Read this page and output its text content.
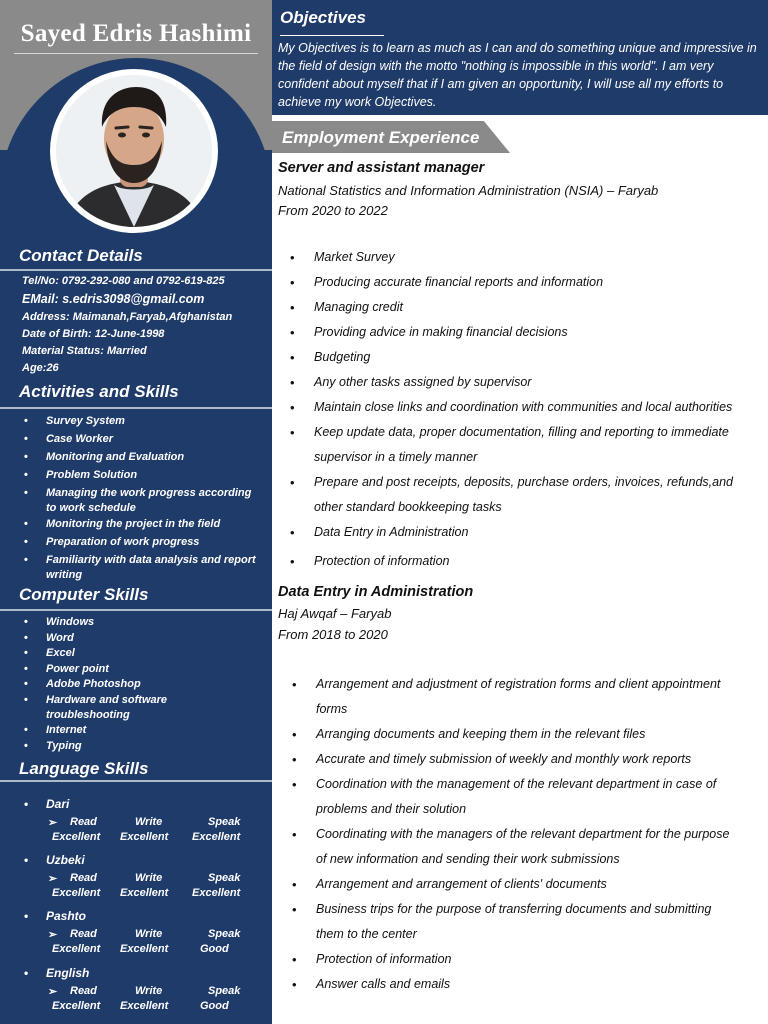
Sayed Edris Hashimi
Contact Details
Tel/No: 0792-292-080 and 0792-619-825
EMail: s.edris3098@gmail.com
Address: Maimanah,Faryab,Afghanistan
Date of Birth: 12-June-1998
Material Status: Married
Age:26
Activities and Skills
• Survey System
• Case Worker
• Monitoring and Evaluation
• Problem Solution
• Managing the work progress according to work schedule
• Monitoring the project in the field
• Preparation of work progress
• Familiarity with data analysis and report writing
Computer Skills
• Windows
• Word
• Excel
• Power point
• Adobe Photoshop
• Hardware and software troubleshooting
• Internet
• Typing
Language Skills
• Dari
➢ Read	Write	Speak
Excellent Excellent Excellent
• Uzbeki
➢ Read	Write	Speak
Excellent Excellent Excellent
• Pashto
➢ Read	Write	Speak
Excellent Excellent	Good
• English
➢ Read	Write	Speak
Excellent Excellent	Good
Objectives
My Objectives is to learn as much as I can and do something unique and impressive in the field of design with the motto "nothing is impossible in this world". I am very confident about myself that if I am given an opportunity, I will use all my efforts to achieve my work Objectives.
Employment Experience
Server and assistant manager
National Statistics and Information Administration (NSIA) – Faryab
From 2020 to 2022
• Market Survey
• Producing accurate financial reports and information
• Managing credit
• Providing advice in making financial decisions
• Budgeting
• Any other tasks assigned by supervisor
• Maintain close links and coordination with communities and local authorities
• Keep update data, proper documentation, filling and reporting to immediate supervisor in a timely manner
• Prepare and post receipts, deposits, purchase orders, invoices, refunds,and other standard bookkeeping tasks
• Data Entry in Administration
• Protection of information
Data Entry in Administration
Haj Awqaf – Faryab
From 2018 to 2020
• Arrangement and adjustment of registration forms and client appointment forms
• Arranging documents and keeping them in the relevant files
• Accurate and timely submission of weekly and monthly work reports
• Coordination with the management of the relevant department in case of problems and their solution
• Coordinating with the managers of the relevant department for the purpose of new information and sending their work submissions
• Arrangement and arrangement of clients' documents
• Business trips for the purpose of transferring documents and submitting them to the center
• Protection of information
• Answer calls and emails
